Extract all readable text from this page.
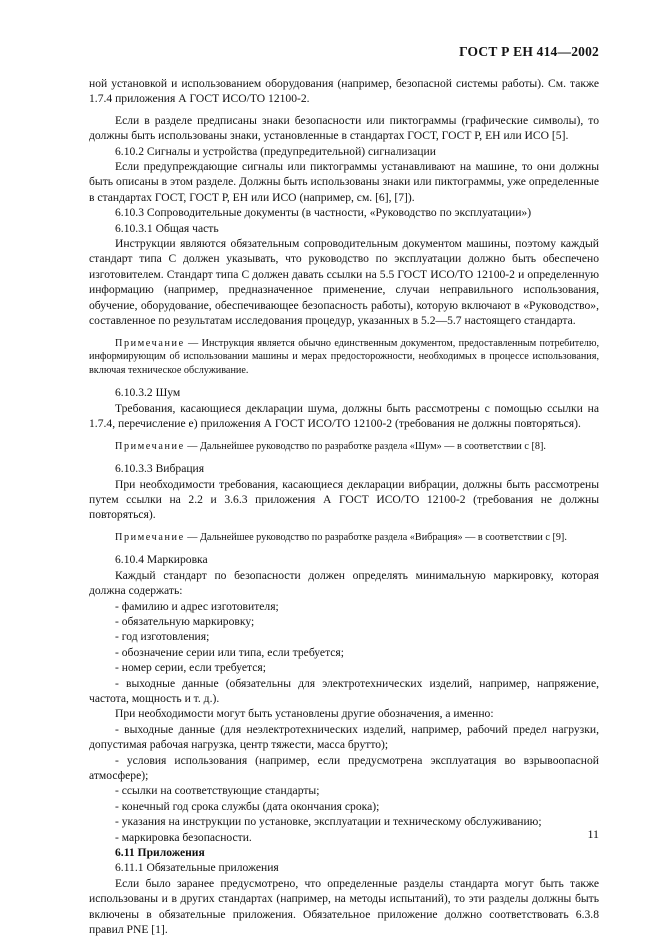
ГОСТ Р ЕН 414—2002

ной установкой и использованием оборудования (например, безопасной системы работы). См. также 1.7.4 приложения А ГОСТ ИСО/ТО 12100-2.

Если в разделе предписаны знаки безопасности или пиктограммы (графические символы), то должны быть использованы знаки, установленные в стандартах ГОСТ, ГОСТ Р, ЕН или ИСО [5].

6.10.2 Сигналы и устройства (предупредительной) сигнализации

Если предупреждающие сигналы или пиктограммы устанавливают на машине, то они должны быть описаны в этом разделе. Должны быть использованы знаки или пиктограммы, уже определенные в стандартах ГОСТ, ГОСТ Р, ЕН или ИСО (например, см. [6], [7]).

6.10.3 Сопроводительные документы (в частности, «Руководство по эксплуатации»)

6.10.3.1 Общая часть

Инструкции являются обязательным сопроводительным документом машины, поэтому каждый стандарт типа С должен указывать, что руководство по эксплуатации должно быть обеспечено изготовителем. Стандарт типа С должен давать ссылки на 5.5 ГОСТ ИСО/ТО 12100-2 и определенную информацию (например, предназначенное применение, случаи неправильного использования, обучение, оборудование, обеспечивающее безопасность работы), которую включают в «Руководство», составленное по результатам исследования процедур, указанных в 5.2—5.7 настоящего стандарта.

Примечание — Инструкция является обычно единственным документом, предоставленным потребителю, информирующим об использовании машины и мерах предосторожности, необходимых в процессе использования, включая техническое обслуживание.

6.10.3.2 Шум

Требования, касающиеся декларации шума, должны быть рассмотрены с помощью ссылки на 1.7.4, перечисление е) приложения А ГОСТ ИСО/ТО 12100-2 (требования не должны повторяться).

Примечание — Дальнейшее руководство по разработке раздела «Шум» — в соответствии с [8].

6.10.3.3 Вибрация

При необходимости требования, касающиеся декларации вибрации, должны быть рассмотрены путем ссылки на 2.2 и 3.6.3 приложения А ГОСТ ИСО/ТО 12100-2 (требования не должны повторяться).

Примечание — Дальнейшее руководство по разработке раздела «Вибрация» — в соответствии с [9].

6.10.4 Маркировка

Каждый стандарт по безопасности должен определять минимальную маркировку, которая должна содержать:

- фамилию и адрес изготовителя;

- обязательную маркировку;

- год изготовления;

- обозначение серии или типа, если требуется;

- номер серии, если требуется;

- выходные данные (обязательны для электротехнических изделий, например, напряжение, частота, мощность и т. д.).

При необходимости могут быть установлены другие обозначения, а именно:

- выходные данные (для неэлектротехнических изделий, например, рабочий предел нагрузки, допустимая рабочая нагрузка, центр тяжести, масса брутто);

- условия использования (например, если предусмотрена эксплуатация во взрывоопасной атмосфере);

- ссылки на соответствующие стандарты;

- конечный год срока службы (дата окончания срока);

- указания на инструкции по установке, эксплуатации и техническому обслуживанию;

- маркировка безопасности.

6.11 Приложения

6.11.1 Обязательные приложения

Если было заранее предусмотрено, что определенные разделы стандарта могут быть также использованы и в других стандартах (например, на методы испытаний), то эти разделы должны быть включены в обязательные приложения. Обязательное приложение должно соответствовать 6.3.8 правил PNE [1].

11
